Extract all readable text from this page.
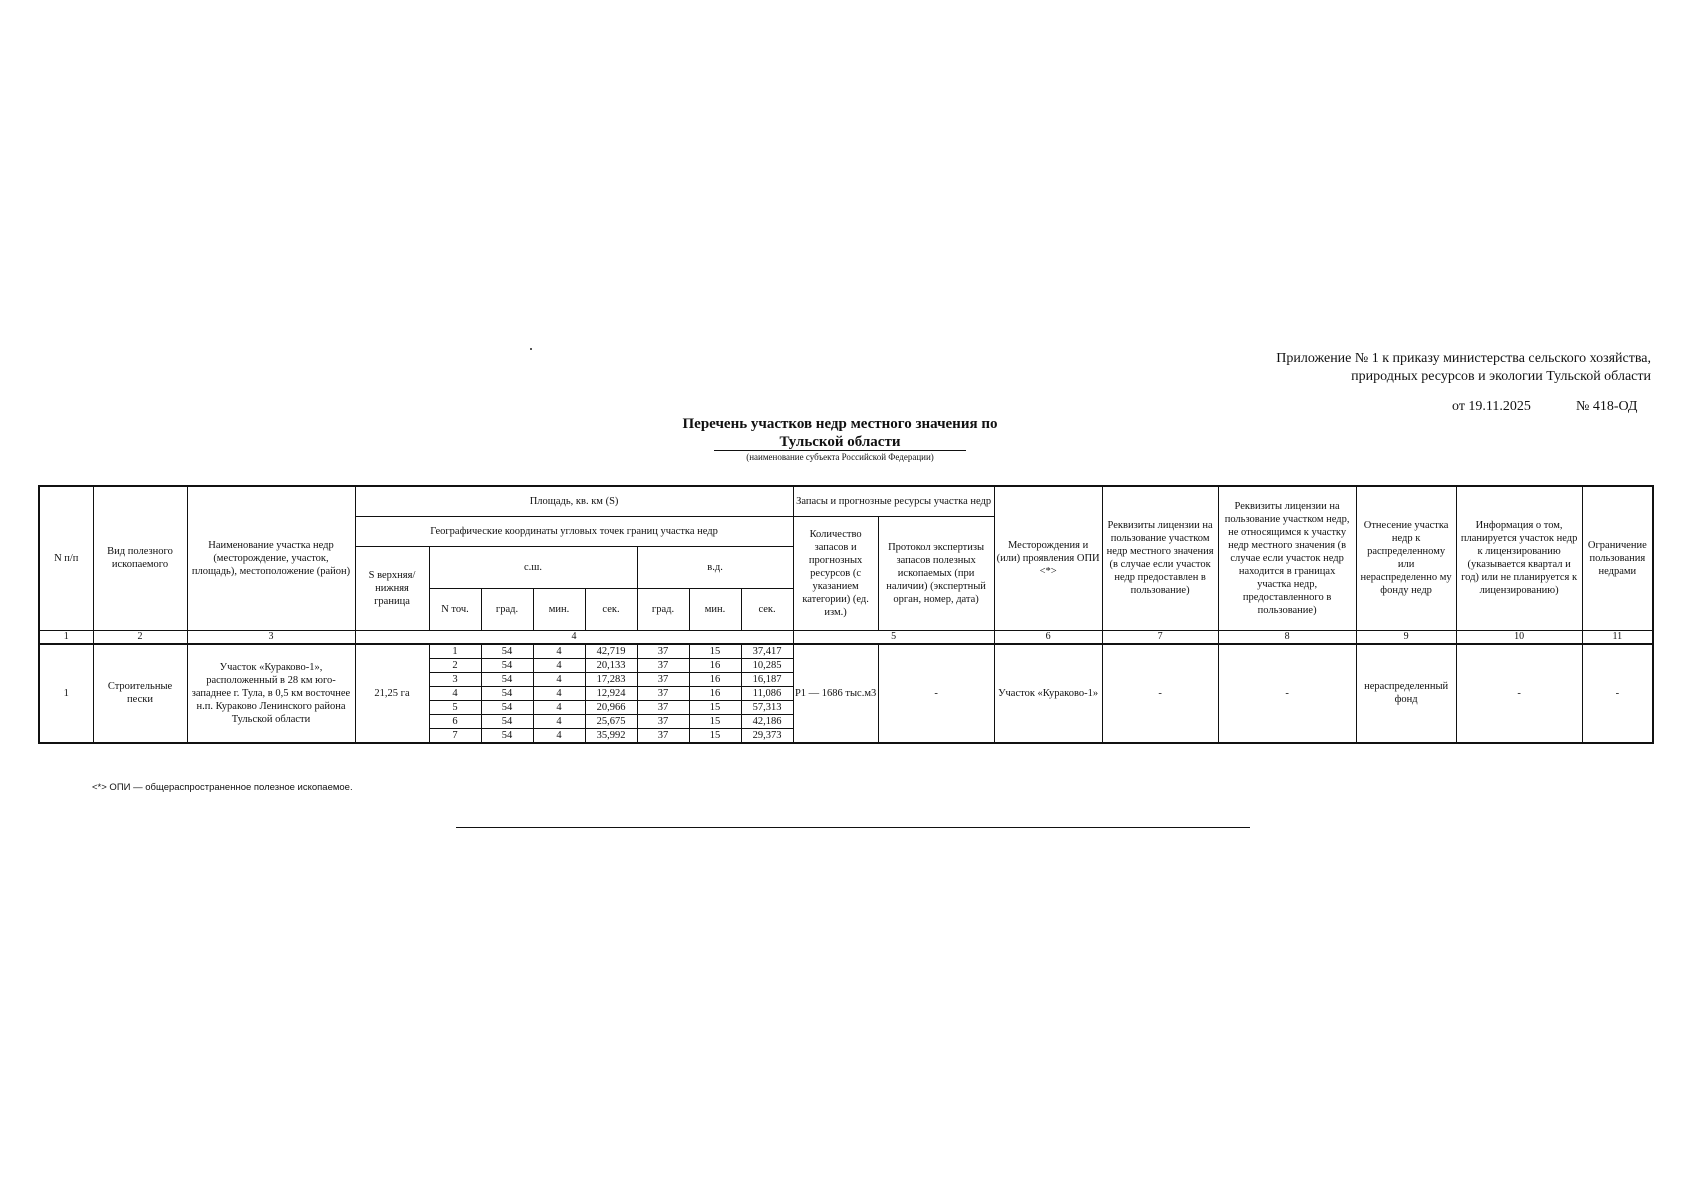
Приложение № 1 к приказу министерства сельского хозяйства,
природных ресурсов и экологии Тульской области
от 19.11.2025	№ 418-ОД
Перечень участков недр местного значения по
Тульской области
(наименование субъекта Российской Федерации)
N п/п	Вид полезного ископаемого	Наименование участка недр (месторождение, участок, площадь), местоположение (район)	Площадь, кв. км (S)								Запасы и прогнозные ресурсы участка недр		Месторождения и (или) проявления ОПИ <*>	Реквизиты лицензии на пользование участком недр местного значения (в случае если участок недр предоставлен в пользование)	Реквизиты лицензии на пользование участком недр, не относящимся к участку недр местного значения (в случае если участок недр находится в границах участка недр, предоставленного в пользование)	Отнесение участка недр к распределенному или нераспределенно му фонду недр	Информация о том, планируется участок недр к лицензированию (указывается квартал и год) или не планируется к лицензированию)	Ограничение пользования недрами
			Географические координаты угловых точек границ участка недр								Количество запасов и прогнозных ресурсов (с указанием категории) (ед. изм.)	Протокол экспертизы запасов полезных ископаемых (при наличии) (экспертный орган, номер, дата)						
			S верхняя/ нижняя граница	с.ш.				в.д.										
				N точ.	град.	мин.	сек.	град.	мин.	сек.								
1	2	3	4								5		6	7	8	9	10	11
1	Строительные пески	Участок «Кураково-1», расположенный в 28 км юго-западнее г. Тула, в 0,5 км восточнее н.п. Кураково Ленинского района Тульской области	21,25 га	1	54	4	42,719	37	15	37,417	Р1 — 1686 тыс.м3	-	Участок «Кураково-1»	-	-	нераспределенный фонд	-	-
				2	54	4	20,133	37	16	10,285								
				3	54	4	17,283	37	16	16,187								
				4	54	4	12,924	37	16	11,086								
				5	54	4	20,966	37	15	57,313								
				6	54	4	25,675	37	15	42,186								
				7	54	4	35,992	37	15	29,373								
<*> ОПИ — общераспространенное полезное ископаемое.
